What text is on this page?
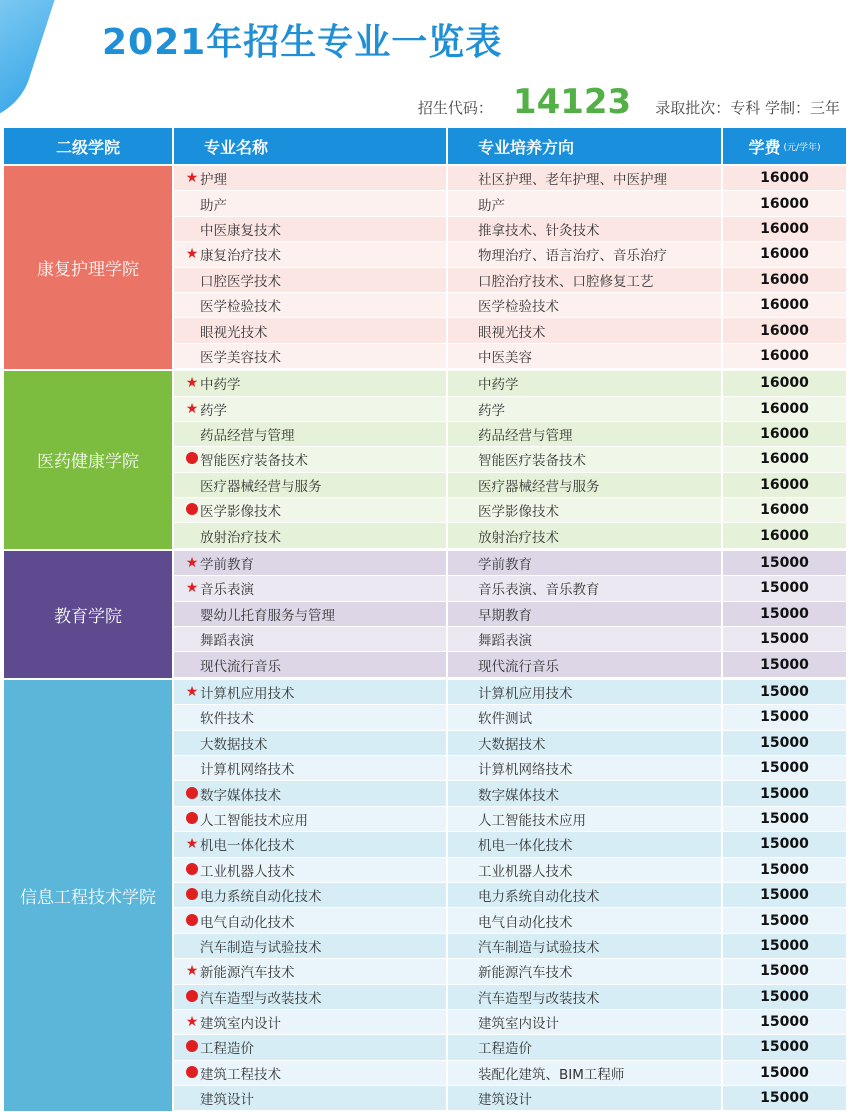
2021年招生专业一览表
招生代码： 14123 录取批次：专科 学制：三年
二级学院	专业名称	专业培养方向	学费 (元/学年)
康复护理学院
★ 护理	社区护理、老年护理、中医护理	16000
助产	助产	16000
中医康复技术	推拿技术、针灸技术	16000
★ 康复治疗技术	物理治疗、语言治疗、音乐治疗	16000
口腔医学技术	口腔治疗技术、口腔修复工艺	16000
医学检验技术	医学检验技术	16000
眼视光技术	眼视光技术	16000
医学美容技术	中医美容	16000
医药健康学院
★ 中药学	中药学	16000
★ 药学	药学	16000
药品经营与管理	药品经营与管理	16000
智能医疗装备技术	智能医疗装备技术	16000
医疗器械经营与服务	医疗器械经营与服务	16000
医学影像技术	医学影像技术	16000
放射治疗技术	放射治疗技术	16000
教育学院
★ 学前教育	学前教育	15000
★ 音乐表演	音乐表演、音乐教育	15000
婴幼儿托育服务与管理	早期教育	15000
舞蹈表演	舞蹈表演	15000
现代流行音乐	现代流行音乐	15000
信息工程技术学院
★ 计算机应用技术	计算机应用技术	15000
软件技术	软件测试	15000
大数据技术	大数据技术	15000
计算机网络技术	计算机网络技术	15000
数字媒体技术	数字媒体技术	15000
人工智能技术应用	人工智能技术应用	15000
★ 机电一体化技术	机电一体化技术	15000
工业机器人技术	工业机器人技术	15000
电力系统自动化技术	电力系统自动化技术	15000
电气自动化技术	电气自动化技术	15000
汽车制造与试验技术	汽车制造与试验技术	15000
★ 新能源汽车技术	新能源汽车技术	15000
汽车造型与改装技术	汽车造型与改装技术	15000
★ 建筑室内设计	建筑室内设计	15000
工程造价	工程造价	15000
建筑工程技术	装配化建筑、BIM工程师	15000
建筑设计	建筑设计	15000
